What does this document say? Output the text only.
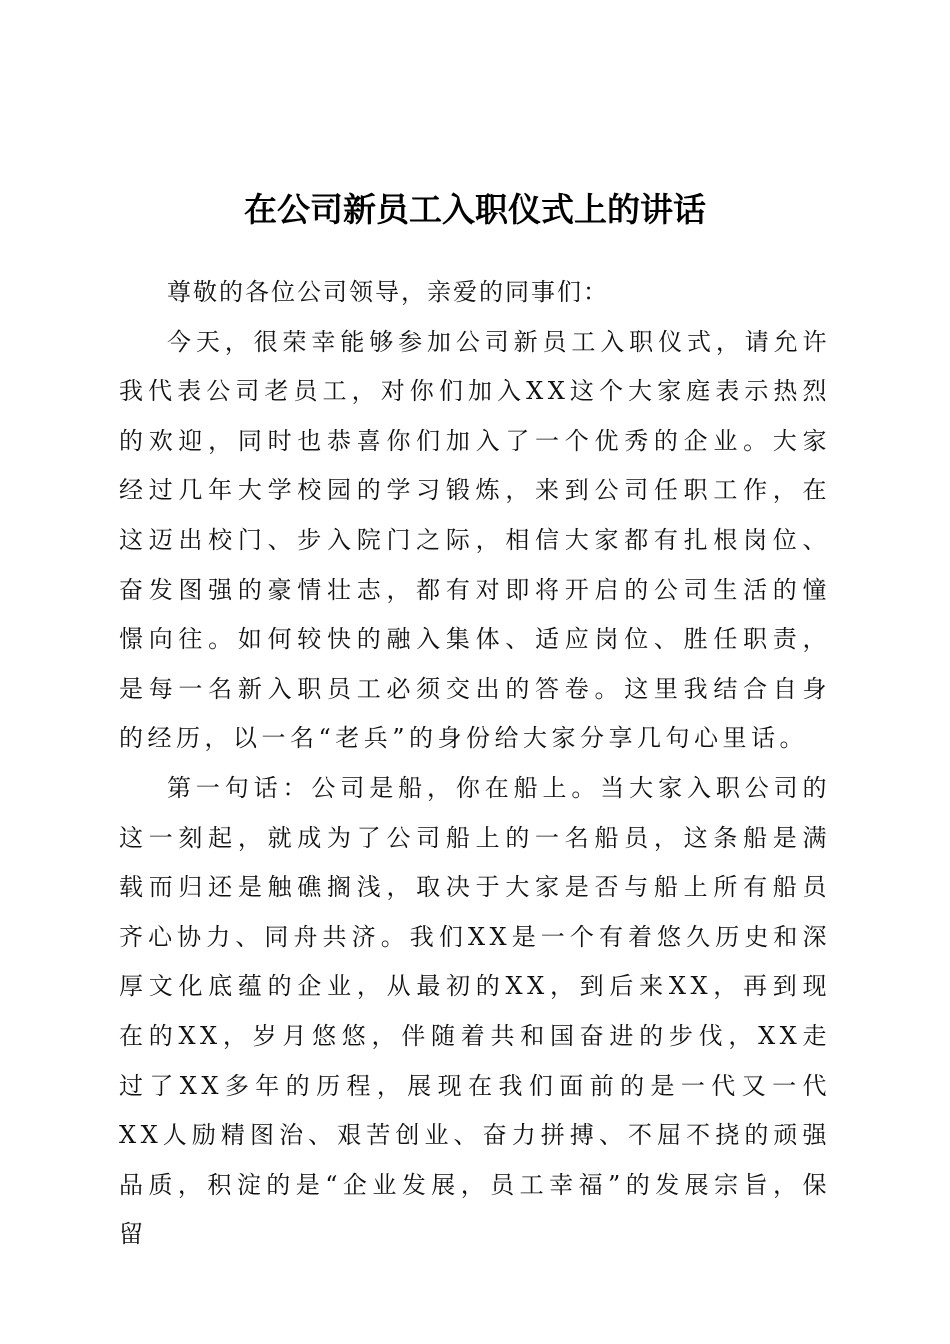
在公司新员工入职仪式上的讲话

尊敬的各位公司领导，亲爱的同事们：

今天，很荣幸能够参加公司新员工入职仪式，请允许我代表公司老员工，对你们加入XX这个大家庭表示热烈的欢迎，同时也恭喜你们加入了一个优秀的企业。大家经过几年大学校园的学习锻炼，来到公司任职工作，在这迈出校门、步入院门之际，相信大家都有扎根岗位、奋发图强的豪情壮志，都有对即将开启的公司生活的憧憬向往。如何较快的融入集体、适应岗位、胜任职责，是每一名新入职员工必须交出的答卷。这里我结合自身的经历，以一名“老兵”的身份给大家分享几句心里话。

第一句话：公司是船，你在船上。当大家入职公司的这一刻起，就成为了公司船上的一名船员，这条船是满载而归还是触礁搁浅，取决于大家是否与船上所有船员齐心协力、同舟共济。我们XX是一个有着悠久历史和深厚文化底蕴的企业，从最初的XX，到后来XX，再到现在的XX，岁月悠悠，伴随着共和国奋进的步伐，XX走过了XX多年的历程，展现在我们面前的是一代又一代XX人励精图治、艰苦创业、奋力拼搏、不屈不挠的顽强品质，积淀的是“企业发展，员工幸福”的发展宗旨，保留
